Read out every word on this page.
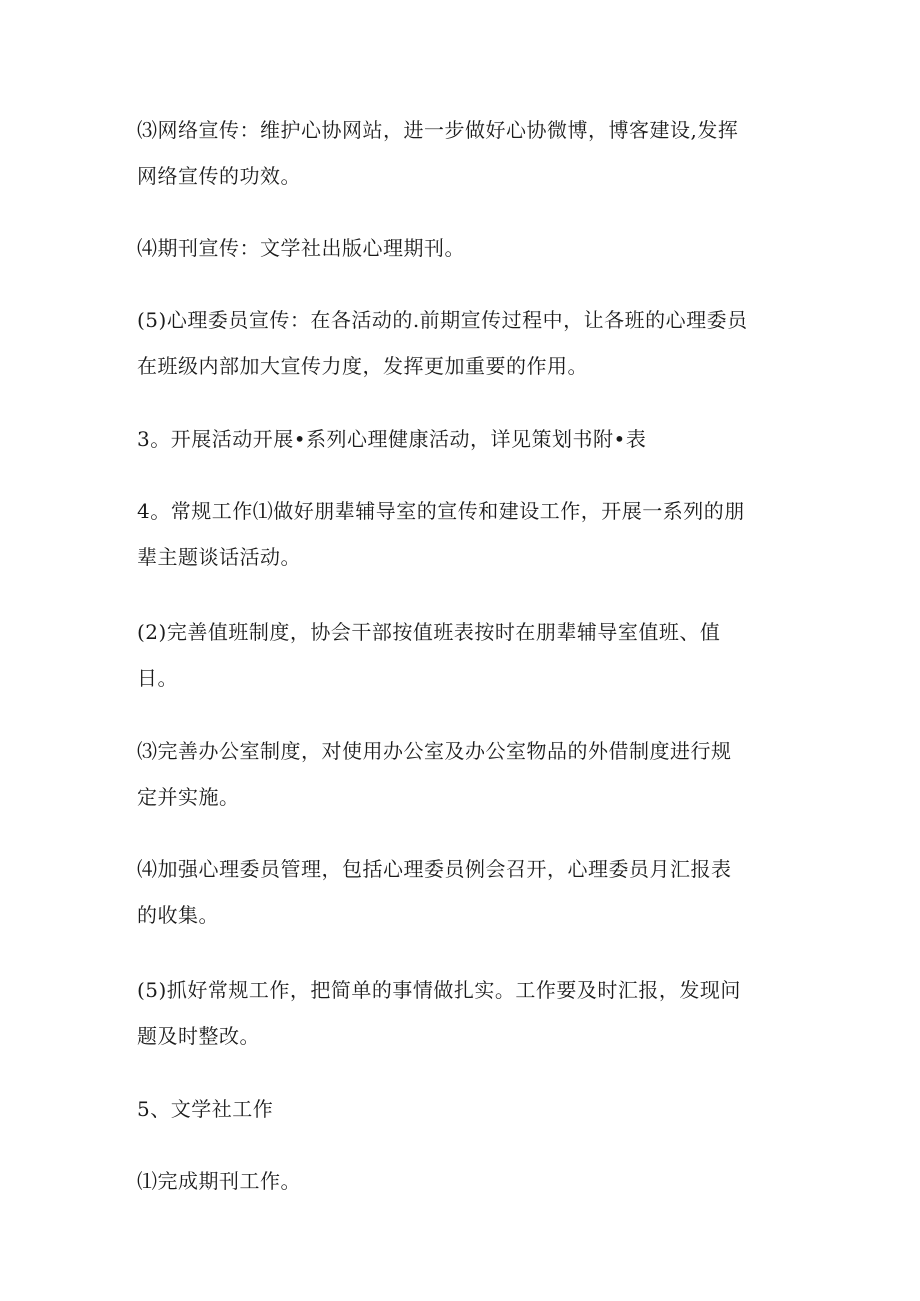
⑶网络宣传：维护心协网站，进一步做好心协微博，博客建设,发挥
网络宣传的功效。

⑷期刊宣传：文学社出版心理期刊。

(5)心理委员宣传：在各活动的.前期宣传过程中，让各班的心理委员
在班级内部加大宣传力度，发挥更加重要的作用。

3。开展活动开展•系列心理健康活动，详见策划书附•表

4。常规工作⑴做好朋辈辅导室的宣传和建设工作，开展一系列的朋
辈主题谈话活动。

(2)完善值班制度，协会干部按值班表按时在朋辈辅导室值班、值
日。

⑶完善办公室制度，对使用办公室及办公室物品的外借制度进行规
定并实施。

⑷加强心理委员管理，包括心理委员例会召开，心理委员月汇报表
的收集。

(5)抓好常规工作，把简单的事情做扎实。工作要及时汇报，发现问
题及时整改。

5、文学社工作

⑴完成期刊工作。
